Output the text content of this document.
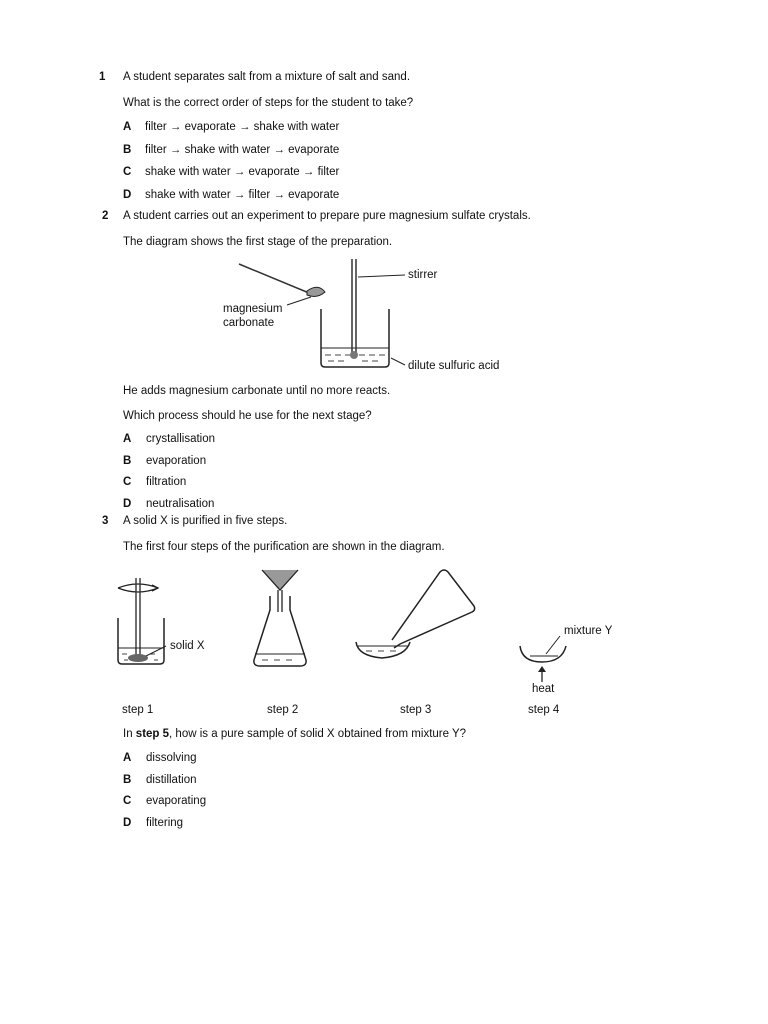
1 A student separates salt from a mixture of salt and sand.
What is the correct order of steps for the student to take?
A filter → evaporate → shake with water
B filter → shake with water → evaporate
C shake with water → evaporate → filter
D shake with water → filter → evaporate
2 A student carries out an experiment to prepare pure magnesium sulfate crystals.
The diagram shows the first stage of the preparation.
stirrer
magnesium
carbonate
dilute sulfuric acid
He adds magnesium carbonate until no more reacts.
Which process should he use for the next stage?
A crystallisation
B evaporation
C filtration
D neutralisation
3 A solid X is purified in five steps.
The first four steps of the purification are shown in the diagram.
solid X
mixture Y
heat
step 1	step 2	step 3	step 4
In step 5, how is a pure sample of solid X obtained from mixture Y?
A dissolving
B distillation
C evaporating
D filtering
